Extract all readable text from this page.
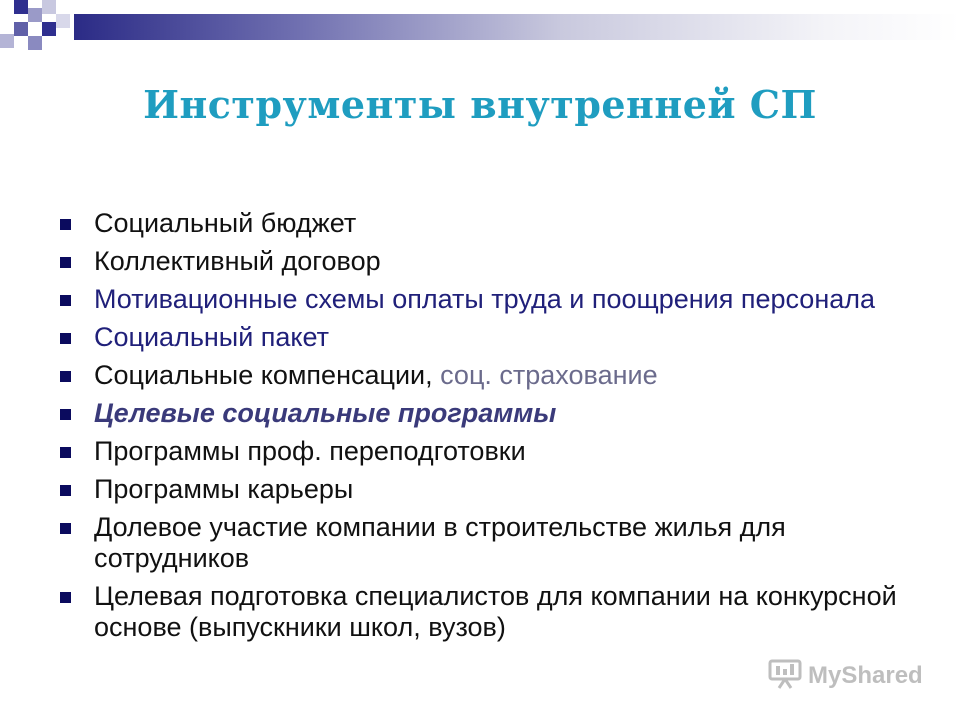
Инструменты внутренней СП
Социальный бюджет
Коллективный договор
Мотивационные схемы оплаты труда и поощрения персонала
Социальный пакет
Социальные компенсации, соц. страхование
Целевые социальные программы
Программы проф. переподготовки
Программы карьеры
Долевое участие компании в строительстве жилья для сотрудников
Целевая подготовка специалистов для компании на конкурсной основе (выпускники школ, вузов)
MyShared
